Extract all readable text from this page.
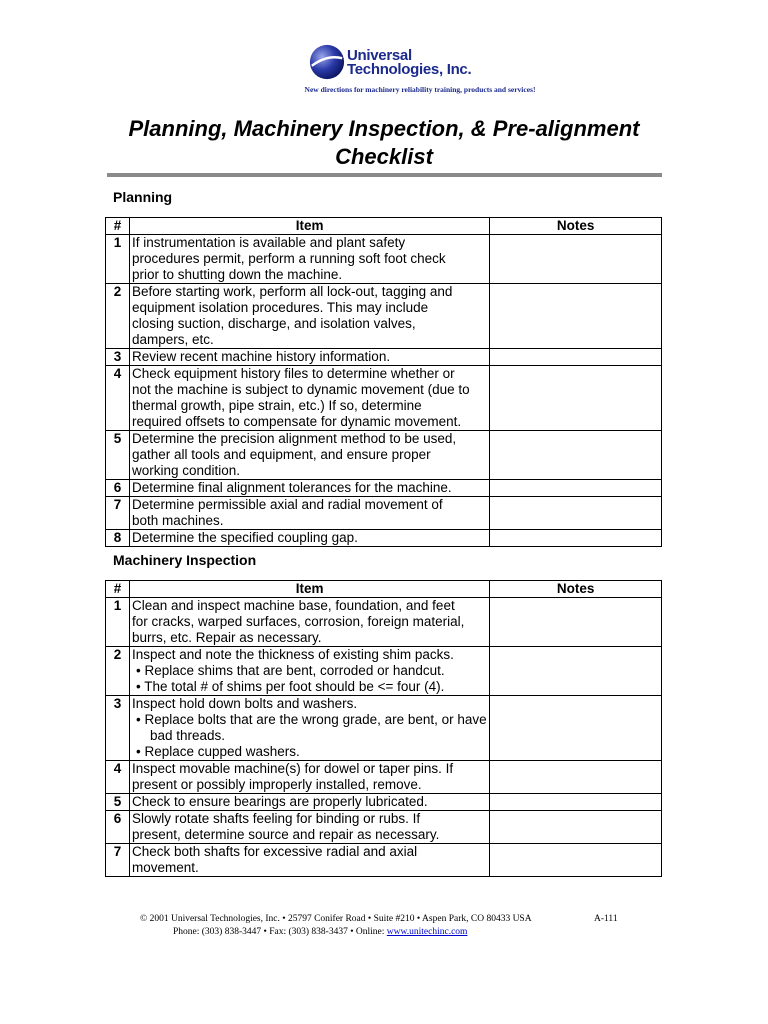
Universal
Technologies, Inc.
New directions for machinery reliability training, products and services!
Planning, Machinery Inspection, & Pre-alignment
Checklist
Planning
#	Item	Notes
1	If instrumentation is available and plant safety
procedures permit, perform a running soft foot check
prior to shutting down the machine.	

2	Before starting work, perform all lock-out, tagging and
equipment isolation procedures. This may include
closing suction, discharge, and isolation valves,
dampers, etc.	

3	Review recent machine history information.	

4	Check equipment history files to determine whether or
not the machine is subject to dynamic movement (due to
thermal growth, pipe strain, etc.) If so, determine
required offsets to compensate for dynamic movement.	

5	Determine the precision alignment method to be used,
gather all tools and equipment, and ensure proper
working condition.	

6	Determine final alignment tolerances for the machine.	

7	Determine permissible axial and radial movement of
both machines.	

8	Determine the specified coupling gap.	

Machinery Inspection
#	Item	Notes
1	Clean and inspect machine base, foundation, and feet
for cracks, warped surfaces, corrosion, foreign material,
burrs, etc. Repair as necessary.	

2	Inspect and note the thickness of existing shim packs.
• Replace shims that are bent, corroded or handcut.
• The total # of shims per foot should be <= four (4).	

3	Inspect hold down bolts and washers.
• Replace bolts that are the wrong grade, are bent, or have bad threads.
• Replace cupped washers.	

4	Inspect movable machine(s) for dowel or taper pins. If
present or possibly improperly installed, remove.	

5	Check to ensure bearings are properly lubricated.	

6	Slowly rotate shafts feeling for binding or rubs. If
present, determine source and repair as necessary.	

7	Check both shafts for excessive radial and axial
movement.	

© 2001 Universal Technologies, Inc. • 25797 Conifer Road • Suite #210 • Aspen Park, CO 80433 USA	A-111
Phone: (303) 838-3447 • Fax: (303) 838-3437 • Online: www.unitechinc.com
